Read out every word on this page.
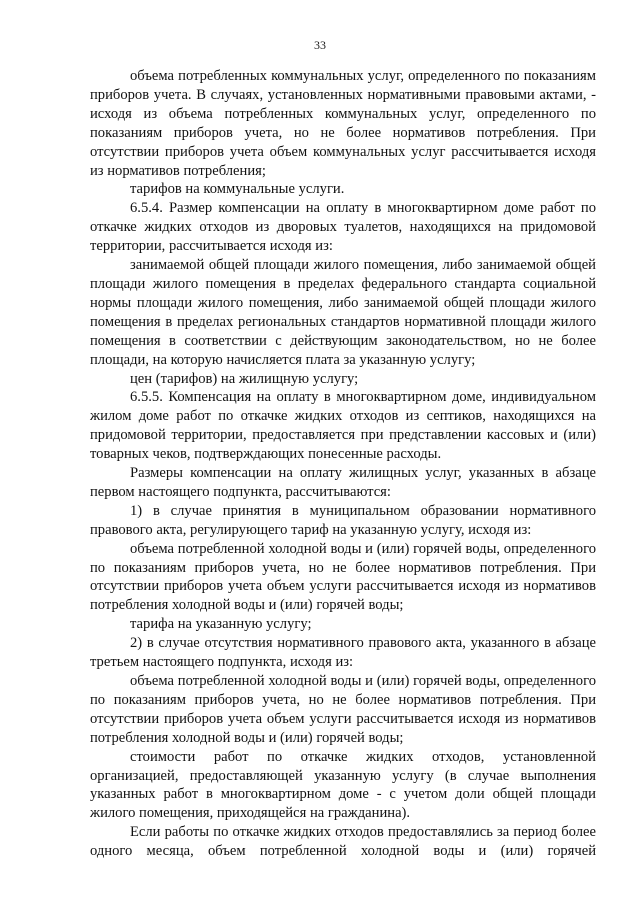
33

объема потребленных коммунальных услуг, определенного по показаниям приборов учета. В случаях, установленных нормативными правовыми актами, - исходя из объема потребленных коммунальных услуг, определенного по показаниям приборов учета, но не более нормативов потребления. При отсутствии приборов учета объем коммунальных услуг рассчитывается исходя из нормативов потребления;

тарифов на коммунальные услуги.

6.5.4. Размер компенсации на оплату в многоквартирном доме работ по откачке жидких отходов из дворовых туалетов, находящихся на придомовой территории, рассчитывается исходя из:

занимаемой общей площади жилого помещения, либо занимаемой общей площади жилого помещения в пределах федерального стандарта социальной нормы площади жилого помещения, либо занимаемой общей площади жилого помещения в пределах региональных стандартов нормативной площади жилого помещения в соответствии с действующим законодательством, но не более площади, на которую начисляется плата за указанную услугу;

цен (тарифов) на жилищную услугу;

6.5.5. Компенсация на оплату в многоквартирном доме, индивидуальном жилом доме работ по откачке жидких отходов из септиков, находящихся на придомовой территории, предоставляется при представлении кассовых и (или) товарных чеков, подтверждающих понесенные расходы.

Размеры компенсации на оплату жилищных услуг, указанных в абзаце первом настоящего подпункта, рассчитываются:

1) в случае принятия в муниципальном образовании нормативного правового акта, регулирующего тариф на указанную услугу, исходя из:

объема потребленной холодной воды и (или) горячей воды, определенного по показаниям приборов учета, но не более нормативов потребления. При отсутствии приборов учета объем услуги рассчитывается исходя из нормативов потребления холодной воды и (или) горячей воды;

тарифа на указанную услугу;

2) в случае отсутствия нормативного правового акта, указанного в абзаце третьем настоящего подпункта, исходя из:

объема потребленной холодной воды и (или) горячей воды, определенного по показаниям приборов учета, но не более нормативов потребления. При отсутствии приборов учета объем услуги рассчитывается исходя из нормативов потребления холодной воды и (или) горячей воды;

стоимости работ по откачке жидких отходов, установленной организацией, предоставляющей указанную услугу (в случае выполнения указанных работ в многоквартирном доме - с учетом доли общей площади жилого помещения, приходящейся на гражданина).

Если работы по откачке жидких отходов предоставлялись за период более одного месяца, объем потребленной холодной воды и (или) горячей
